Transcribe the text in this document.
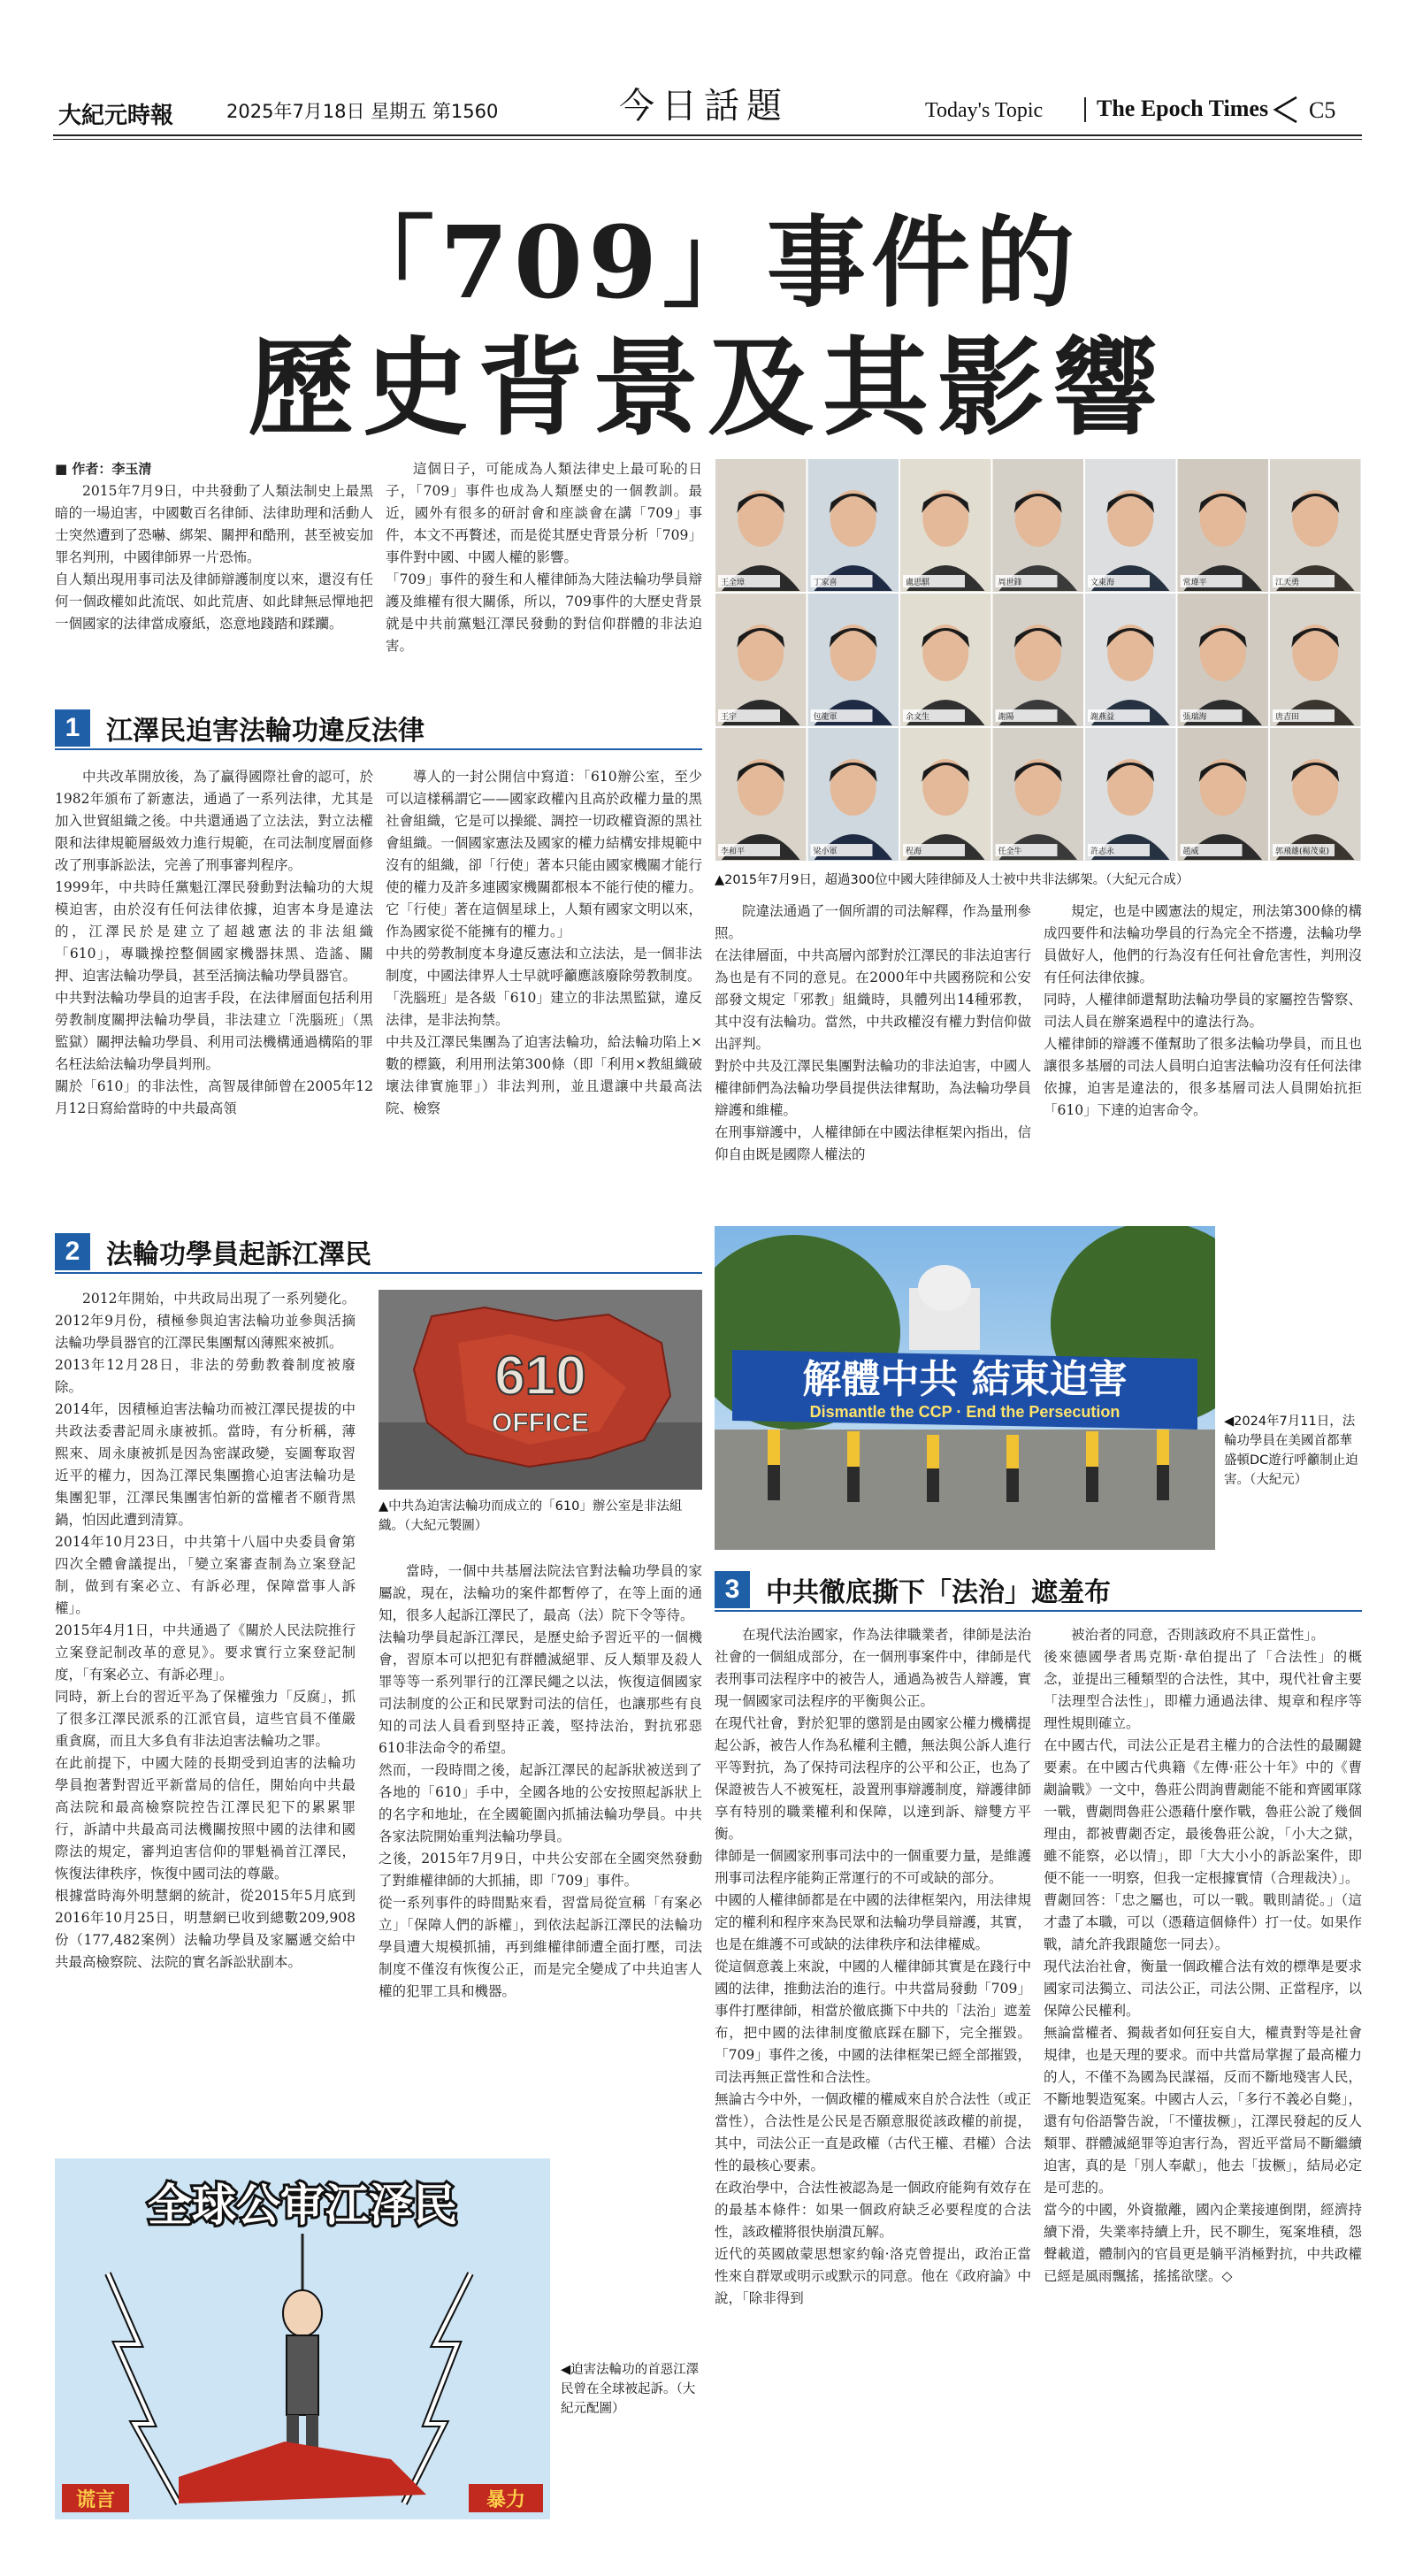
大紀元時報	2025年7月18日 星期五 第1560	今日話題	Today's Topic The Epoch Times C5
「709」事件的
歷史背景及其影響

■ 作者：李玉清

2015年7月9日，中共發動了人類法制史上最黑暗的一場迫害，中國數百名律師、法律助理和活動人士突然遭到了恐嚇、綁架、關押和酷刑，甚至被妄加罪名判刑，中國律師界一片恐怖。
自人類出現用事司法及律師辯護制度以來，還沒有任何一個政權如此流氓、如此荒唐、如此肆無忌憚地把一個國家的法律當成廢紙，恣意地踐踏和蹂躪。

這個日子，可能成為人類法律史上最可恥的日子，「709」事件也成為人類歷史的一個教訓。最近，國外有很多的研討會和座談會在講「709」事件，本文不再贅述，而是從其歷史背景分析「709」事件對中國、中國人權的影響。
「709」事件的發生和人權律師為大陸法輪功學員辯護及維權有很大關係，所以，709事件的大歷史背景就是中共前黨魁江澤民發動的對信仰群體的非法迫害。

王全璋	丁家喜	盧思騏	周世鋒	文東海	常瑋平	江天勇
王宇	包龍軍	余文生	謝陽	謝燕益	張瑞海	唐吉田
李和平	梁小軍	程海	任全牛	許志永	趙威	郭飛雄(楊茂東)
▲2015年7月9日，超過300位中國大陸律師及人士被中共非法綁架。（大紀元合成）
1 江澤民迫害法輪功違反法律

中共改革開放後，為了贏得國際社會的認可，於1982年頒布了新憲法，通過了一系列法律，尤其是加入世貿組織之後。中共還通過了立法法，對立法權限和法律規範層級效力進行規範，在司法制度層面修改了刑事訴訟法，完善了刑事審判程序。
1999年，中共時任黨魁江澤民發動對法輪功的大規模迫害，由於沒有任何法律依據，迫害本身是違法的，江澤民於是建立了超越憲法的非法組織「610」，專職操控整個國家機器抹黑、造謠、關押、迫害法輪功學員，甚至活摘法輪功學員器官。
中共對法輪功學員的迫害手段，在法律層面包括利用勞教制度關押法輪功學員，非法建立「洗腦班」（黑監獄）關押法輪功學員、利用司法機構通過構陷的罪名枉法給法輪功學員判刑。
關於「610」的非法性，高智晟律師曾在2005年12月12日寫給當時的中共最高領

導人的一封公開信中寫道：「610辦公室，至少可以這樣稱謂它——國家政權內且高於政權力量的黑社會組織，它是可以操縱、調控一切政權資源的黑社會組織。一個國家憲法及國家的權力結構安排規範中沒有的組織，卻「行使」著本只能由國家機關才能行使的權力及許多連國家機關都根本不能行使的權力。它「行使」著在這個星球上，人類有國家文明以來，作為國家從不能擁有的權力。」
中共的勞教制度本身違反憲法和立法法，是一個非法制度，中國法律界人士早就呼籲應該廢除勞教制度。
「洗腦班」是各級「610」建立的非法黑監獄，違反法律，是非法拘禁。
中共及江澤民集團為了迫害法輪功，給法輪功陷上×數的標籤，利用刑法第300條（即「利用×教組織破壞法律實施罪」）非法判刑，並且還讓中共最高法院、檢察

院違法通過了一個所謂的司法解釋，作為量刑參照。
在法律層面，中共高層內部對於江澤民的非法迫害行為也是有不同的意見。在2000年中共國務院和公安部發文規定「邪教」組織時，具體列出14種邪教，其中沒有法輪功。當然，中共政權沒有權力對信仰做出評判。
對於中共及江澤民集團對法輪功的非法迫害，中國人權律師們為法輪功學員提供法律幫助，為法輪功學員辯護和維權。
在刑事辯護中，人權律師在中國法律框架內指出，信仰自由既是國際人權法的

規定，也是中國憲法的規定，刑法第300條的構成四要件和法輪功學員的行為完全不搭邊，法輪功學員做好人，他們的行為沒有任何社會危害性，判刑沒有任何法律依據。
同時，人權律師還幫助法輪功學員的家屬控告警察、司法人員在辦案過程中的違法行為。
人權律師的辯護不僅幫助了很多法輪功學員，而且也讓很多基層的司法人員明白迫害法輪功沒有任何法律依據，迫害是違法的，很多基層司法人員開始抗拒「610」下達的迫害命令。

2 法輪功學員起訴江澤民

2012年開始，中共政局出現了一系列變化。2012年9月份，積極參與迫害法輪功並參與活摘法輪功學員器官的江澤民集團幫凶薄熙來被抓。
2013年12月28日，非法的勞動教養制度被廢除。
2014年，因積極迫害法輪功而被江澤民提拔的中共政法委書記周永康被抓。當時，有分析稱，薄熙來、周永康被抓是因為密謀政變，妄圖奪取習近平的權力，因為江澤民集團擔心迫害法輪功是集團犯罪，江澤民集團害怕新的當權者不願背黑鍋，怕因此遭到清算。
2014年10月23日，中共第十八屆中央委員會第四次全體會議提出，「變立案審查制為立案登記制，做到有案必立、有訴必理，保障當事人訴權」。
2015年4月1日，中共通過了《關於人民法院推行立案登記制改革的意見》。要求實行立案登記制度，「有案必立、有訴必理」。
同時，新上台的習近平為了保權強力「反腐」，抓了很多江澤民派系的江派官員，這些官員不僅嚴重貪腐，而且大多負有非法迫害法輪功之罪。
在此前提下，中國大陸的長期受到迫害的法輪功學員抱著對習近平新當局的信任，開始向中共最高法院和最高檢察院控告江澤民犯下的累累罪行，訴請中共最高司法機關按照中國的法律和國際法的規定，審判迫害信仰的罪魁禍首江澤民，恢復法律秩序，恢復中國司法的尊嚴。
根據當時海外明慧網的統計，從2015年5月底到2016年10月25日，明慧網已收到總數209,908份（177,482案例）法輪功學員及家屬遞交給中共最高檢察院、法院的實名訴訟狀副本。

610
OFFICE
▲中共為迫害法輪功而成立的「610」辦公室是非法組織。（大紀元製圖）

當時，一個中共基層法院法官對法輪功學員的家屬說，現在，法輪功的案件都暫停了，在等上面的通知，很多人起訴江澤民了，最高（法）院下令等待。
法輪功學員起訴江澤民，是歷史給予習近平的一個機會，習原本可以把犯有群體滅絕罪、反人類罪及殺人罪等等一系列罪行的江澤民繩之以法，恢復這個國家司法制度的公正和民眾對司法的信任，也讓那些有良知的司法人員看到堅持正義，堅持法治，對抗邪惡610非法命令的希望。
然而，一段時間之後，起訴江澤民的起訴狀被送到了各地的「610」手中，全國各地的公安按照起訴狀上的名字和地址，在全國範圍內抓捕法輪功學員。中共各家法院開始重判法輪功學員。
之後，2015年7月9日，中共公安部在全國突然發動了對維權律師的大抓捕，即「709」事件。
從一系列事件的時間點來看，習當局從宣稱「有案必立」「保障人們的訴權」，到依法起訴江澤民的法輪功學員遭大規模抓捕，再到維權律師遭全面打壓，司法制度不僅沒有恢復公正，而是完全變成了中共迫害人權的犯罪工具和機器。

解體中共 結束迫害
Dismantle the CCP · End the Persecution
◀2024年7月11日，法輪功學員在美國首都華盛頓DC遊行呼籲制止迫害。（大紀元）
3 中共徹底撕下「法治」遮羞布

在現代法治國家，作為法律職業者，律師是法治社會的一個組成部分，在一個刑事案件中，律師是代表刑事司法程序中的被告人，通過為被告人辯護，實現一個國家司法程序的平衡與公正。
在現代社會，對於犯罪的懲罰是由國家公權力機構提起公訴，被告人作為私權利主體，無法與公訴人進行平等對抗，為了保持司法程序的公平和公正，也為了保證被告人不被冤枉，設置刑事辯護制度，辯護律師享有特別的職業權利和保障，以達到訴、辯雙方平衡。
律師是一個國家刑事司法中的一個重要力量，是維護刑事司法程序能夠正常運行的不可或缺的部分。
中國的人權律師都是在中國的法律框架內，用法律規定的權利和程序來為民眾和法輪功學員辯護，其實，也是在維護不可或缺的法律秩序和法律權威。
從這個意義上來說，中國的人權律師其實是在踐行中國的法律，推動法治的進行。中共當局發動「709」事件打壓律師，相當於徹底撕下中共的「法治」遮羞布，把中國的法律制度徹底踩在腳下，完全摧毀。「709」事件之後，中國的法律框架已經全部摧毀，司法再無正當性和合法性。
無論古今中外，一個政權的權威來自於合法性（或正當性），合法性是公民是否願意服從該政權的前提，其中，司法公正一直是政權（古代王權、君權）合法性的最核心要素。
在政治學中，合法性被認為是一個政府能夠有效存在的最基本條件：如果一個政府缺乏必要程度的合法性，該政權將很快崩潰瓦解。
近代的英國啟蒙思想家約翰·洛克曾提出，政治正當性來自群眾或明示或默示的同意。他在《政府論》中說，「除非得到

被治者的同意，否則該政府不具正當性」。
後來德國學者馬克斯·韋伯提出了「合法性」的概念，並提出三種類型的合法性，其中，現代社會主要「法理型合法性」，即權力通過法律、規章和程序等理性規則確立。
在中國古代，司法公正是君主權力的合法性的最關鍵要素。在中國古代典籍《左傳·莊公十年》中的《曹劌論戰》一文中，魯莊公問詢曹劌能不能和齊國軍隊一戰，曹劌問魯莊公憑藉什麼作戰，魯莊公說了幾個理由，都被曹劌否定，最後魯莊公說，「小大之獄，雖不能察，必以情」，即「大大小小的訴訟案件，即便不能一一明察，但我一定根據實情（合理裁決）」。
曹劌回答：「忠之屬也，可以一戰。戰則請從。」（這才盡了本職，可以（憑藉這個條件）打一仗。如果作戰，請允許我跟隨您一同去）。
現代法治社會，衡量一個政權合法有效的標準是要求國家司法獨立、司法公正，司法公開、正當程序，以保障公民權利。
無論當權者、獨裁者如何狂妄自大，權責對等是社會規律，也是天理的要求。而中共當局掌握了最高權力的人，不僅不為國為民謀福，反而不斷地殘害人民，不斷地製造冤案。中國古人云，「多行不義必自斃」，還有句俗語警告說，「不懂拔橛」，江澤民發起的反人類罪、群體滅絕罪等迫害行為，習近平當局不斷繼續迫害，真的是「別人奉獻」，他去「拔橛」，結局必定是可悲的。
當今的中國，外資撤離，國內企業接連倒閉，經濟持續下滑，失業率持續上升，民不聊生，冤案堆積，怨聲載道，體制內的官員更是躺平消極對抗，中共政權已經是風雨飄搖，搖搖欲墜。◇

全球公审江泽民
谎言	暴力
◀迫害法輪功的首惡江澤民曾在全球被起訴。（大紀元配圖）
